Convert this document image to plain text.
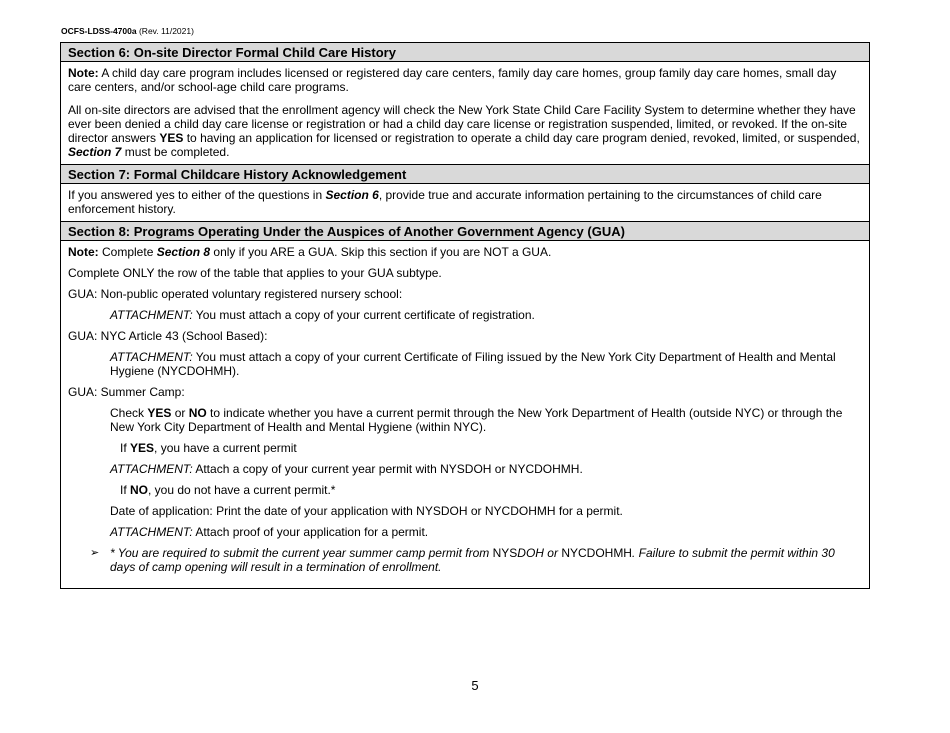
OCFS-LDSS-4700a (Rev. 11/2021)
Section 6: On-site Director Formal Child Care History

Note: A child day care program includes licensed or registered day care centers, family day care homes, group family day care homes, small day care centers, and/or school-age child care programs.

All on-site directors are advised that the enrollment agency will check the New York State Child Care Facility System to determine whether they have ever been denied a child day care license or registration or had a child day care license or registration suspended, limited, or revoked. If the on-site director answers YES to having an application for licensed or registration to operate a child day care program denied, revoked, limited, or suspended, Section 7 must be completed.

Section 7: Formal Childcare History Acknowledgement

If you answered yes to either of the questions in Section 6, provide true and accurate information pertaining to the circumstances of child care enforcement history.

Section 8: Programs Operating Under the Auspices of Another Government Agency (GUA)

Note: Complete Section 8 only if you ARE a GUA. Skip this section if you are NOT a GUA.

Complete ONLY the row of the table that applies to your GUA subtype.

GUA: Non-public operated voluntary registered nursery school:

ATTACHMENT: You must attach a copy of your current certificate of registration.

GUA: NYC Article 43 (School Based):

ATTACHMENT: You must attach a copy of your current Certificate of Filing issued by the New York City Department of Health and Mental Hygiene (NYCDOHMH).

GUA: Summer Camp:

Check YES or NO to indicate whether you have a current permit through the New York Department of Health (outside NYC) or through the New York City Department of Health and Mental Hygiene (within NYC).

If YES, you have a current permit

ATTACHMENT: Attach a copy of your current year permit with NYSDOH or NYCDOHMH.

If NO, you do not have a current permit.*

Date of application: Print the date of your application with NYSDOH or NYCDOHMH for a permit.

ATTACHMENT: Attach proof of your application for a permit.

➢ * You are required to submit the current year summer camp permit from NYSDOH or NYCDOHMH. Failure to submit the permit within 30 days of camp opening will result in a termination of enrollment.
5
